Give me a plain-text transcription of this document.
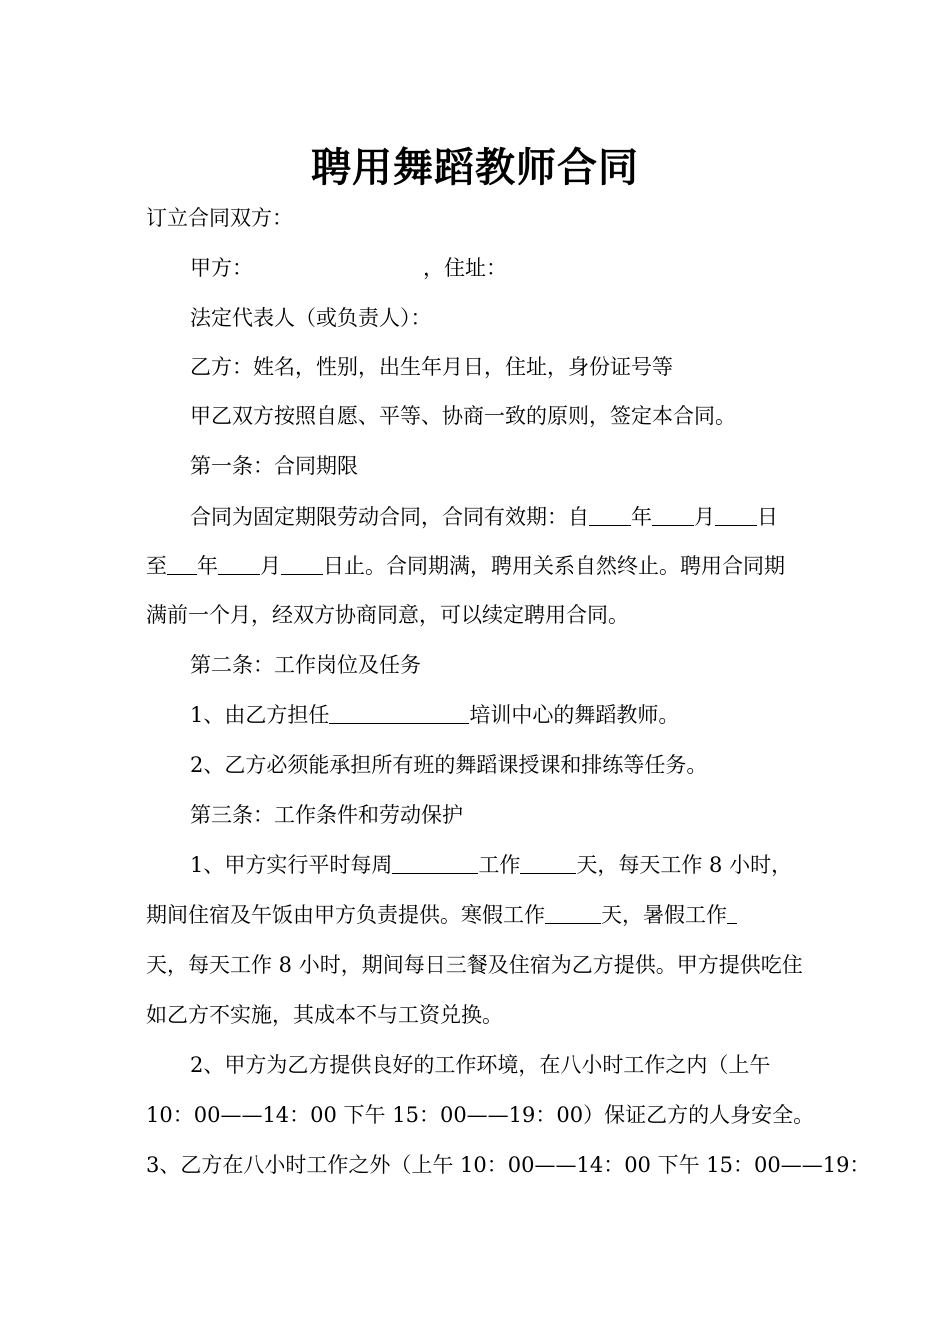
聘用舞蹈教师合同
订立合同双方：
甲方：	，住址：
法定代表人（或负责人）：
乙方：姓名，性别，出生年月日，住址，身份证号等
甲乙双方按照自愿、平等、协商一致的原则，签定本合同。
第一条：合同期限
合同为固定期限劳动合同，合同有效期：自 年 月 日
至 年 月 日止。合同期满，聘用关系自然终止。聘用合同期
满前一个月，经双方协商同意，可以续定聘用合同。
第二条：工作岗位及任务
1、由乙方担任	培训中心的舞蹈教师。
2、乙方必须能承担所有班的舞蹈课授课和排练等任务。
第三条：工作条件和劳动保护
1、甲方实行平时每周	工作	天，每天工作 8 小时，
期间住宿及午饭由甲方负责提供。寒假工作	天，暑假工作
天，每天工作 8 小时，期间每日三餐及住宿为乙方提供。甲方提供吃住
如乙方不实施，其成本不与工资兑换。
2、甲方为乙方提供良好的工作环境，在八小时工作之内（上午
10：00——14：00 下午 15：00——19：00）保证乙方的人身安全。
3、乙方在八小时工作之外（上午 10：00——14：00 下午 15：00——19：
